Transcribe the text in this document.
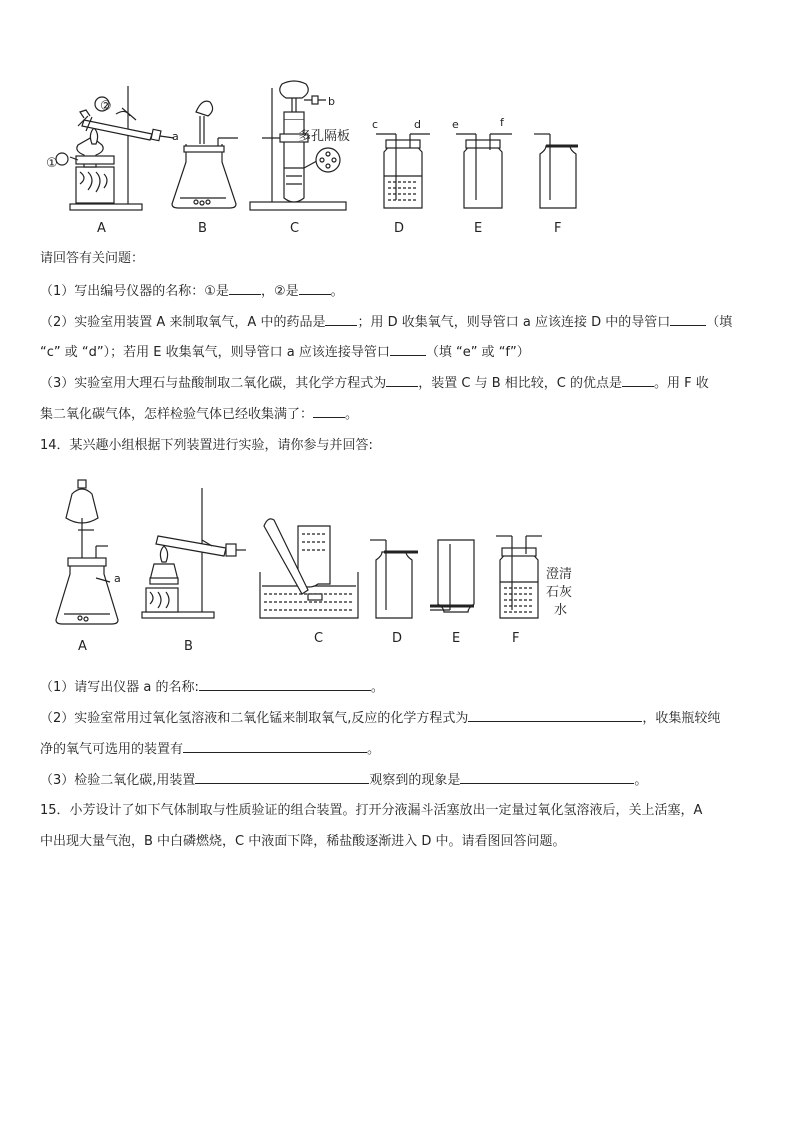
②
①
a
A	B
b
多孔隔板
C
c	d
D
e	f
E	F
请回答有关问题：
（1）写出编号仪器的名称：①是 ，②是 。
（2）实验室用装置 A 来制取氧气，A 中的药品是 ；用 D 收集氧气，则导管口 a 应该连接 D 中的导管口	（填
“c” 或 “d”）；若用 E 收集氧气，则导管口 a 应该连接导管口	（填 “e” 或 “f”）
（3）实验室用大理石与盐酸制取二氧化碳，其化学方程式为 ，装置 C 与 B 相比较，C 的优点是 。用 F 收
集二氧化碳气体，怎样检验气体已经收集满了： 。
14．某兴趣小组根据下列装置进行实验，请你参与并回答:
a
A	B
C	D	E
澄清
石灰
水
F
（1）请写出仪器 a 的名称:	。
（2）实验室常用过氧化氢溶液和二氧化锰来制取氧气,反应的化学方程式为	，收集瓶较纯
净的氧气可选用的装置有	。
（3）检验二氧化碳,用装置	观察到的现象是	。
15．小芳设计了如下气体制取与性质验证的组合装置。打开分液漏斗活塞放出一定量过氧化氢溶液后，关上活塞，A
中出现大量气泡，B 中白磷燃烧，C 中液面下降，稀盐酸逐渐进入 D 中。请看图回答问题。
